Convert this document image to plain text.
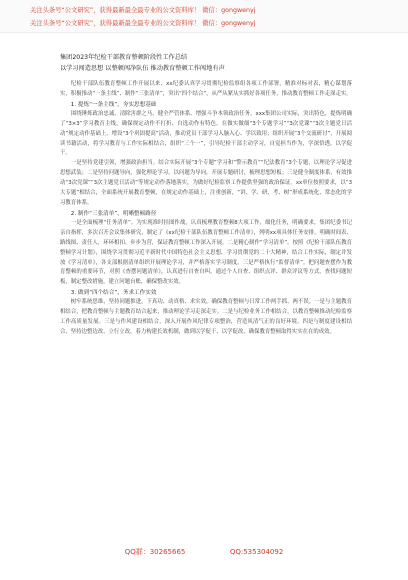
关注头条号“公文研究”，获得最新最全最专业的公文资料库！ 微信：gongwenyj
关注头条号“公文研究”，获得最新最全最专业的公文资料库！ 微信：gongwenyj
集团2023年纪检干部教育整顿阶段性工作总结
以学习闯造思想 以整顿闯净队伍 推动教育整顿工作闯地有声

纪检干部队伍教育整顿工作开展以来，xx纪委认真学习贯彻纪检监察组各项工作部署，精准对标对表，精心谋划落实，积极推动“一条主线”、制作“三张清单”，突出“四个结合”，从严从紧从实抓好各项任务，推动教育整顿工作走深走实。

1. 提炼“一条主线”，夯实思想基础

围绕锤炼政治忠诚、清除害群之马、健全严管体系、增强斗争本领政治任务，xxx集团公司实际，突出特色，提炼明确了“3×3”学习教育主线，确保规定动作不打折、自选动作有特色。在做实做细“3个专题学习”“3次党课”“3次主题党日活动”规定动作基础上，增设“3个巩固提高”活动，推动党员干部学习入脑入心、学以致用；组织开展“3个交流研讨”，开展阅读书籍活动，将学习教育与工作实际相结合，组织“三个一”，引导纪检干部主动学习，自觉担当作为，学深悟透，以学促干。

一是坚持党建引领，增强政治担当。结合实际开展“3个专题”学习和“警示教育”“纪法教育”3个专题，以理论学习促进思想武装；二是坚持问题导向，强化理论学习。以问题为导向，开展专题研讨，梳理思想短板；三是健全制度体系，有效推动“3次党课”“3次主题党日活动”等规定动作落地落实，为做好纪检监察工作提供坚强的政治保证。xx单位按照要求，以“3大专题”相结合，全面系统开展教育整顿，在规定动作基础上，注重创新，“讲、学、研、考、树”形成系统化、常态化的学习教育体系。

2. 制作“三张清单”，明晰整顿路径

一是全面梳理“任务清单”。为实现准时挂图作战，认真梳理教育整顿8大项工作，细化任务，明确要求，集团纪委书记亲自指挥，多次召开会议集体研究，制定了《xx纪检干部队伍教育整顿工作清单》，列明xx项具体任务安排，明确时间表、路线图、责任人，环环相扣、步步为营，保证教育整顿工作深入开展。二是精心制作“学习清单”。按照《纪检干部队伍教育整顿学习计划》，围绕学习贯彻习近平新时代中国特色社会主义思想，学习贯彻党的二十大精神，结合工作实际，制定并发放《学习清单》，各支部根据清单组织开展理论学习，并严格落实学习制度。三是严格执行“监督清单”。把问题查摆作为教育整顿的重要环节，对照《查摆问题清单》，认真进行自查自纠，通过个人自查、组织点评、群众评议等方式，查找问题短板，制定整改措施，建立问题台账，确保整改实效。

3. 做到“四个结合”，务求工作实效

树牢系统思维，坚持同题推进，下真功、动真格、求实效，确保教育整顿与日常工作两手抓、两不误。一是与主题教育相结合，把教育整顿与主题教育结合起来，推动理论学习走深走实。二是与纪检业务工作相结合，以教育整顿推动纪检监察工作高质量发展。三是与作风建设相结合，深入开展作风纪律专项整治，营造风清气正的良好环境。四是与制度建设相结合，坚持边整边改、立行立改，着力构建长效机制，做到以学促干、以学促改，确保教育整顿取得实实在在的成效。

QQ群：30265665	QQ:535304092
